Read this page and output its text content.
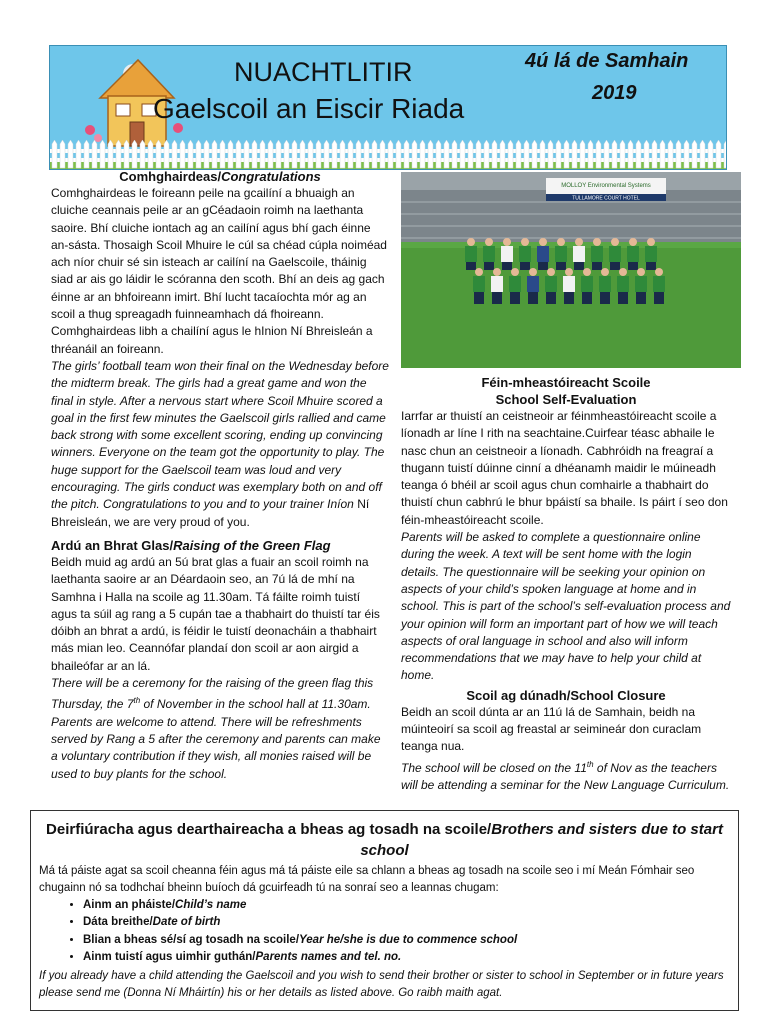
NUACHTLITIR
Gaelscoil an Eiscir Riada
4ú lá de Samhain
2019
Comhghairdeas/Congratulations

Comhghairdeas le foireann peile na gcailíní a bhuaigh an cluiche ceannais peile ar an gCéadaoin roimh na laethanta saoire. Bhí cluiche iontach ag an cailíní agus bhí gach éinne an-sásta. Thosaigh Scoil Mhuire le cúl sa chéad cúpla noiméad ach níor chuir sé sin isteach ar cailíní na Gaelscoile, tháinig siad ar ais go láidir le scóranna den scoth. Bhí an deis ag gach éinne ar an bhfoireann imirt. Bhí lucht tacaíochta mór ag an scoil a thug spreagadh fuinneamhach dá fhoireann. Comhghairdeas libh a chailíní agus le hInion Ní Bhreisleán a thréanáil an foireann.

The girls’ football team won their final on the Wednesday before the midterm break. The girls had a great game and won the final in style. After a nervous start where Scoil Mhuire scored a goal in the first few minutes the Gaelscoil girls rallied and came back strong with some excellent scoring, ending up convincing winners. Everyone on the team got the opportunity to play. The huge support for the Gaelscoil team was loud and very encouraging. The girls conduct was exemplary both on and off the pitch. Congratulations to you and to your trainer Iníon Ní Bhreisleán, we are very proud of you.

Ardú an Bhrat Glas/Raising of the Green Flag

Beidh muid ag ardú an 5ú brat glas a fuair an scoil roimh na laethanta saoire ar an Déardaoin seo, an 7ú lá de mhí na Samhna i Halla na scoile ag 11.30am. Tá fáilte roimh tuistí agus ta súil ag rang a 5 cupán tae a thabhairt do thuistí tar éis dóibh an bhrat a ardú, is féidir le tuistí deonacháin a thabhairt más mian leo. Ceannófar plandaí don scoil ar aon airgid a bhaileófar ar an lá.

There will be a ceremony for the raising of the green flag this Thursday, the 7th of November in the school hall at 11.30am. Parents are welcome to attend. There will be refreshments served by Rang a 5 after the ceremony and parents can make a voluntary contribution if they wish, all monies raised will be used to buy plants for the school.

MOLLOY Environmental Systems
TULLAMORE COURT HOTEL
Féin-mheastóireacht Scoile
School Self-Evaluation

Iarrfar ar thuistí an ceistneoir ar féinmheastóireacht scoile a líonadh ar líne I rith na seachtaine.Cuirfear téasc abhaile le nasc chun an ceistneoir a líonadh. Cabhróidh na freagraí a thugann tuistí dúinne cinní a dhéanamh maidir le múineadh teanga ó bhéil ar scoil agus chun comhairle a thabhairt do thuistí chun cabhrú le bhur bpáistí sa bhaile. Is páirt í seo don féin-mheastóireacht scoile.

Parents will be asked to complete a questionnaire online during the week. A text will be sent home with the login details. The questionnaire will be seeking your opinion on aspects of your child’s spoken language at home and in school. This is part of the school’s self-evaluation process and your opinion will form an important part of how we will teach aspects of oral language in school and also will inform recommendations that we may have to help your child at home.

Scoil ag dúnadh/School Closure

Beidh an scoil dúnta ar an 11ú lá de Samhain, beidh na múinteoirí sa scoil ag freastal ar seimineár don curaclam teanga nua.

The school will be closed on the 11th of Nov as the teachers will be attending a seminar for the New Language Curriculum.

Deirfiúracha agus dearthaireacha a bheas ag tosadh na scoile/Brothers and sisters due to start school

Má tá páiste agat sa scoil cheanna féin agus má tá páiste eile sa chlann a bheas ag tosadh na scoile seo i mí Meán Fómhair seo chugainn nó sa todhchaí bheinn buíoch dá gcuirfeadh tú na sonraí seo a leannas chugam:

• Ainm an pháiste/Child’s name
• Dáta breithe/Date of birth
• Blian a bheas sé/sí ag tosadh na scoile/Year he/she is due to commence school
• Ainm tuistí agus uimhir guthán/Parents names and tel. no.

If you already have a child attending the Gaelscoil and you wish to send their brother or sister to school in September or in future years please send me (Donna Ní Mháirtín) his or her details as listed above. Go raibh maith agat.
